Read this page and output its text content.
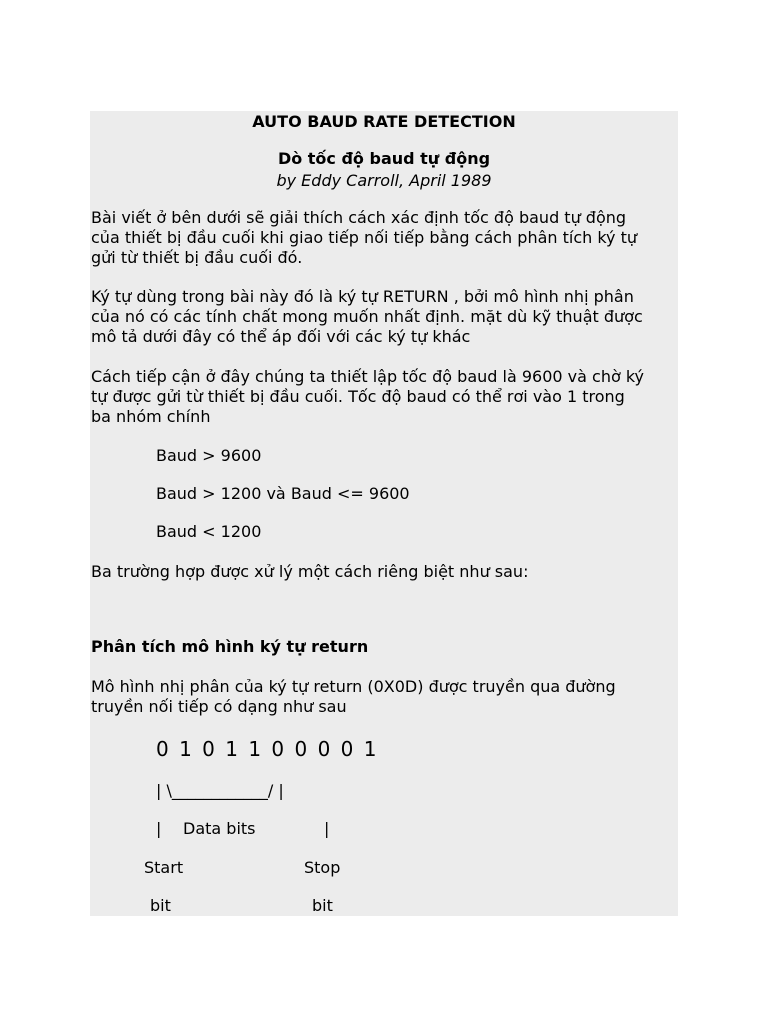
AUTO BAUD RATE DETECTION
Dò tốc độ baud tự động
by Eddy Carroll, April 1989
Bài viết ở bên dưới sẽ giải thích cách xác định tốc độ baud tự động
của thiết bị đầu cuối khi giao tiếp nối tiếp bằng cách phân tích ký tự
gửi từ thiết bị đầu cuối đó.
Ký tự dùng trong bài này đó là ký tự RETURN , bởi mô hình nhị phân
của nó có các tính chất mong muốn nhất định. mặt dù kỹ thuật được
mô tả dưới đây có thể áp đối với các ký tự khác
Cách tiếp cận ở đây chúng ta thiết lập tốc độ baud là 9600 và chờ ký
tự được gửi từ thiết bị đầu cuối. Tốc độ baud có thể rơi vào 1 trong
ba nhóm chính
Baud > 9600
Baud > 1200 và Baud <= 9600
Baud < 1200
Ba trường hợp được xử lý một cách riêng biệt như sau:
Phân tích mô hình ký tự return
Mô hình nhị phân của ký tự return (0X0D) được truyền qua đường
truyền nối tiếp có dạng như sau
0 1 0 1 1 0 0 0 0 1
| \____________/ |
| Data bits	|
Start	Stop
bit	bit
